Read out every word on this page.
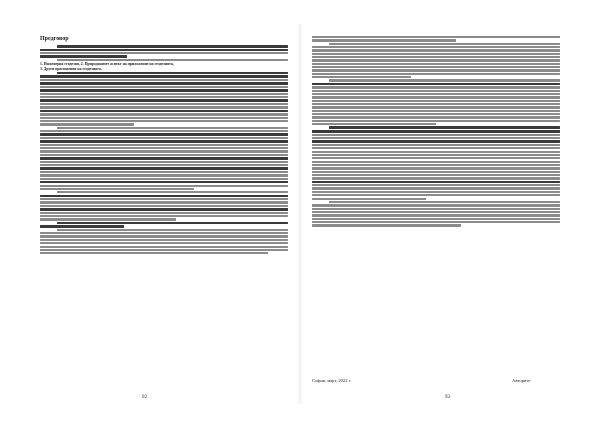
Предговор
1. Инженерна геодезия, 2. Природоначет аспект на приложение на геодезията,
3. Други приложения на геодезията.
92
София, март, 2022 г.	Авторите
93
